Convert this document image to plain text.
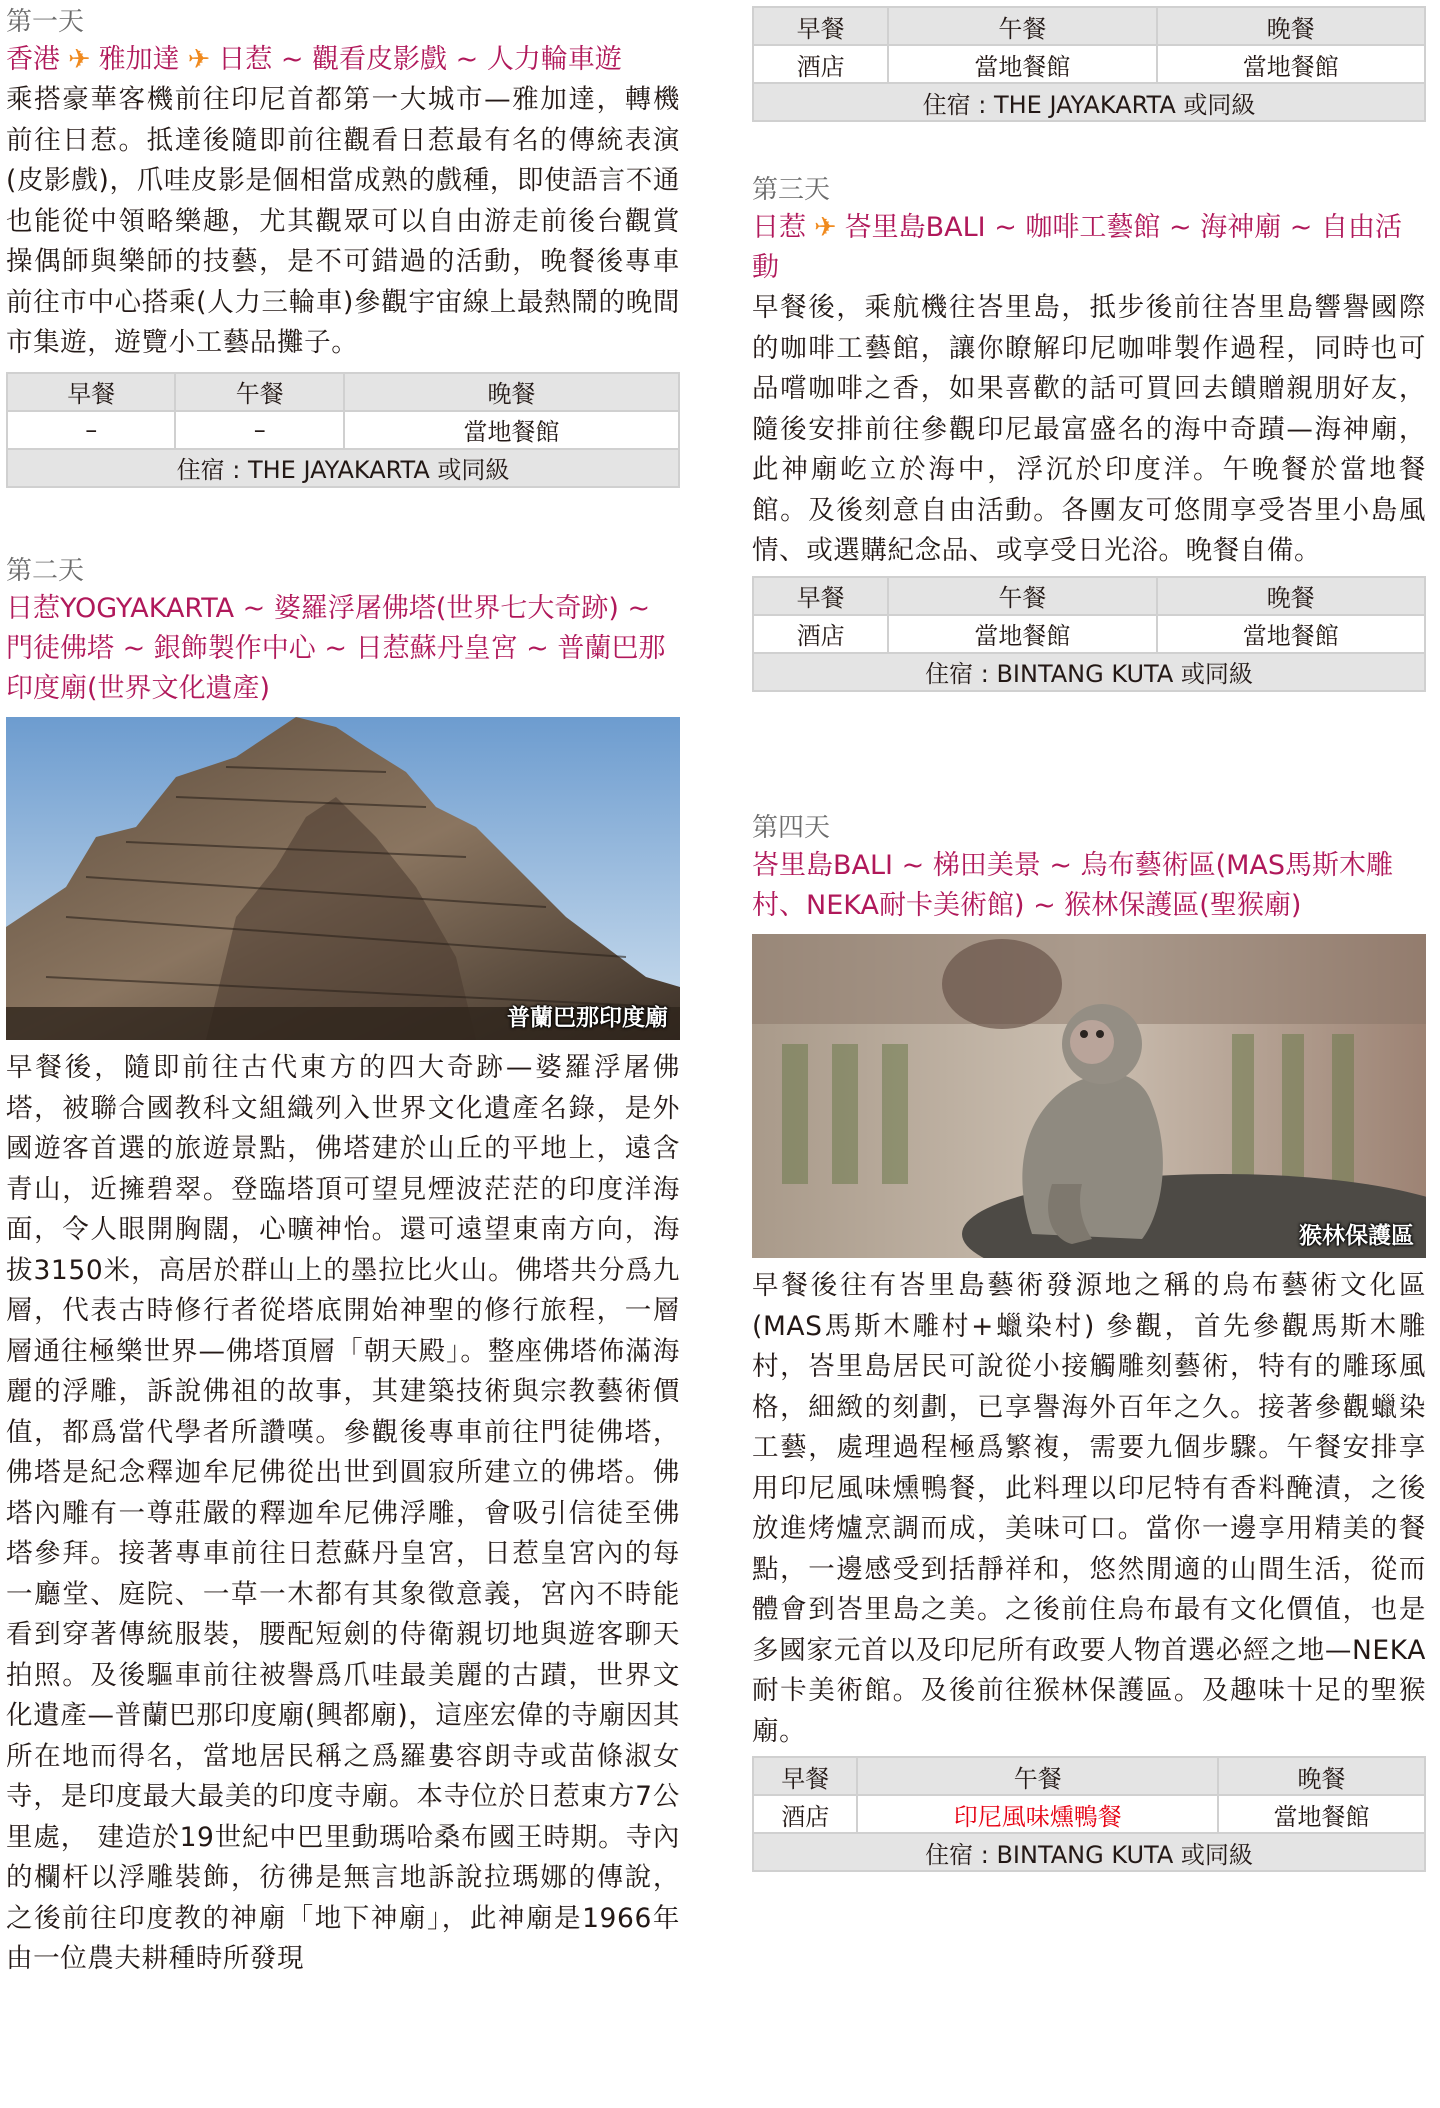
第一天
香港 ✈ 雅加達 ✈ 日惹 ~ 觀看皮影戲 ~ 人力輪車遊
乘搭豪華客機前往印尼首都第一大城市—雅加達，轉機前往日惹。抵達後隨即前往觀看日惹最有名的傳統表演(皮影戲)，爪哇皮影是個相當成熟的戲種，即使語言不通也能從中領略樂趣，尤其觀眾可以自由游走前後台觀賞操偶師與樂師的技藝，是不可錯過的活動，晚餐後專車前往市中心搭乘(人力三輪車)參觀宇宙線上最熱鬧的晚間市集遊，遊覽小工藝品攤子。
早餐	午餐	晚餐
–	–	當地餐館
住宿 : THE JAYAKARTA 或同級		
第二天
日惹YOGYAKARTA ~ 婆羅浮屠佛塔(世界七大奇跡) ~ 門徒佛塔 ~ 銀飾製作中心 ~ 日惹蘇丹皇宮 ~ 普蘭巴那印度廟(世界文化遺產)
普蘭巴那印度廟
早餐後，隨即前往古代東方的四大奇跡—婆羅浮屠佛塔，被聯合國教科文組織列入世界文化遺產名錄，是外國遊客首選的旅遊景點，佛塔建於山丘的平地上，遠含青山，近擁碧翠。登臨塔頂可望見煙波茫茫的印度洋海面，令人眼開胸闊，心曠神怡。還可遠望東南方向，海拔3150米，高居於群山上的墨拉比火山。佛塔共分爲九層，代表古時修行者從塔底開始神聖的修行旅程，一層層通往極樂世界—佛塔頂層「朝天殿」。整座佛塔佈滿海麗的浮雕，訴說佛祖的故事，其建築技術與宗教藝術價值，都爲當代學者所讚嘆。參觀後專車前往門徒佛塔，佛塔是紀念釋迦牟尼佛從出世到圓寂所建立的佛塔。佛塔內雕有一尊莊嚴的釋迦牟尼佛浮雕，會吸引信徒至佛塔參拜。接著專車前往日惹蘇丹皇宮，日惹皇宮內的每一廳堂、庭院、一草一木都有其象徵意義，宮內不時能看到穿著傳統服裝，腰配短劍的侍衛親切地與遊客聊天拍照。及後驅車前往被譽爲爪哇最美麗的古蹟，世界文化遺產—普蘭巴那印度廟(興都廟)，這座宏偉的寺廟因其所在地而得名，當地居民稱之爲羅婁容朗寺或苗條淑女寺，是印度最大最美的印度寺廟。本寺位於日惹東方7公里處， 建造於19世紀中巴里動瑪哈桑布國王時期。寺內的欄杆以浮雕裝飾，彷彿是無言地訴說拉瑪娜的傳說，之後前往印度教的神廟「地下神廟」，此神廟是1966年由一位農夫耕種時所發現
早餐	午餐	晚餐
酒店	當地餐館	當地餐館
住宿 : THE JAYAKARTA 或同級		
第三天
日惹 ✈ 峇里島BALI ~ 咖啡工藝館 ~ 海神廟 ~ 自由活動
早餐後，乘航機往峇里島，抵步後前往峇里島響譽國際的咖啡工藝館，讓你瞭解印尼咖啡製作過程，同時也可品嚐咖啡之香，如果喜歡的話可買回去饋贈親朋好友，隨後安排前往參觀印尼最富盛名的海中奇蹟—海神廟，此神廟屹立於海中，浮沉於印度洋。午晚餐於當地餐館。及後刻意自由活動。各團友可悠閒享受峇里小島風情、或選購紀念品、或享受日光浴。晚餐自備。
早餐	午餐	晚餐
酒店	當地餐館	當地餐館
住宿 : BINTANG KUTA 或同級		
第四天
峇里島BALI ~ 梯田美景 ~ 烏布藝術區(MAS馬斯木雕村、NEKA耐卡美術館) ~ 猴林保護區(聖猴廟)
猴林保護區
早餐後往有峇里島藝術發源地之稱的烏布藝術文化區(MAS馬斯木雕村+蠟染村) 參觀，首先參觀馬斯木雕村，峇里島居民可說從小接觸雕刻藝術，特有的雕琢風格，細緻的刻劃，已享譽海外百年之久。接著參觀蠟染工藝，處理過程極爲繁複，需要九個步驟。午餐安排享用印尼風味燻鴨餐，此料理以印尼特有香料醃漬，之後放進烤爐烹調而成，美味可口。當你一邊享用精美的餐點，一邊感受到括靜祥和，悠然閒適的山間生活，從而體會到峇里島之美。之後前住烏布最有文化價值，也是多國家元首以及印尼所有政要人物首選必經之地—NEKA耐卡美術館。及後前往猴林保護區。及趣味十足的聖猴廟。
早餐	午餐	晚餐
酒店	印尼風味燻鴨餐	當地餐館
住宿 : BINTANG KUTA 或同級		
